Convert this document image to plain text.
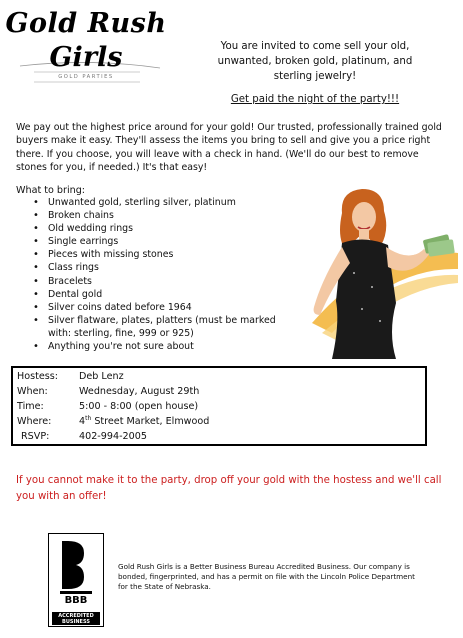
Gold Rush
Girls
GOLD PARTIES
You are invited to come sell your old,
unwanted, broken gold, platinum, and
sterling jewelry!
Get paid the night of the party!!!
We pay out the highest price around for your gold! Our trusted, professionally trained gold buyers make it easy. They'll assess the items you bring to sell and give you a price right there. If you choose, you will leave with a check in hand. (We'll do our best to remove stones for you, if needed.) It's that easy!
What to bring:
• Unwanted gold, sterling silver, platinum
• Broken chains
• Old wedding rings
• Single earrings
• Pieces with missing stones
• Class rings
• Bracelets
• Dental gold
• Silver coins dated before 1964
• Silver flatware, plates, platters (must be marked with: sterling, fine, 999 or 925)
• Anything you're not sure about
Hostess: Deb Lenz
When:	Wednesday, August 29th
Time:	5:00 - 8:00 (open house)
Where:	4th Street Market, Elmwood
RSVP:	402-994-2005
If you cannot make it to the party, drop off your gold with the hostess and we'll call you with an offer!
BBB
ACCREDITED
BUSINESS
Gold Rush Girls is a Better Business Bureau Accredited Business. Our company is bonded, fingerprinted, and has a permit on file with the Lincoln Police Department for the State of Nebraska.
